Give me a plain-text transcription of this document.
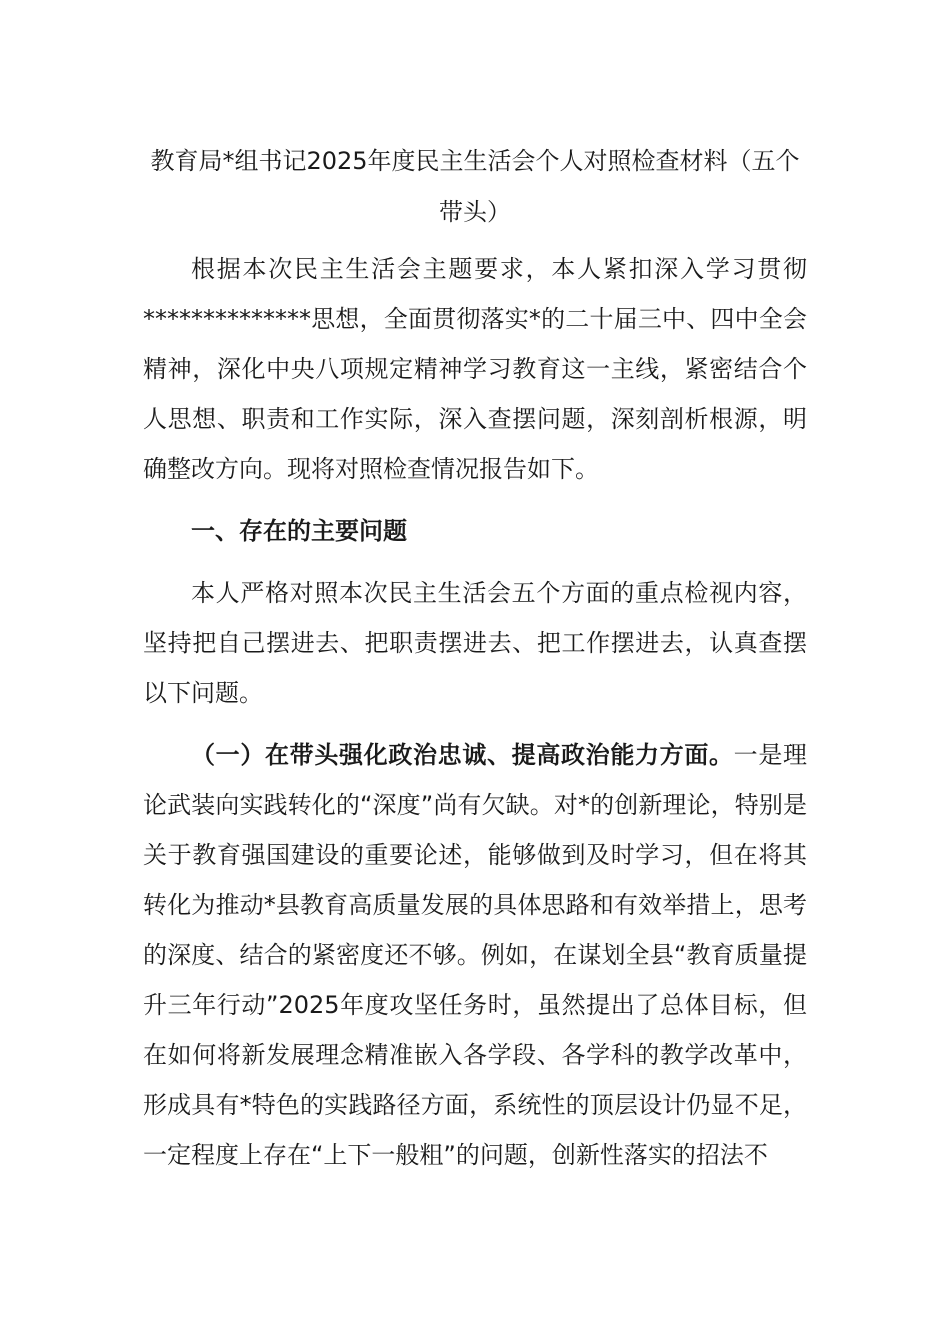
教育局*组书记2025年度民主生活会个人对照检查材料（五个带头）

根据本次民主生活会主题要求，本人紧扣深入学习贯彻**************思想，全面贯彻落实*的二十届三中、四中全会精神，深化中央八项规定精神学习教育这一主线，紧密结合个人思想、职责和工作实际，深入查摆问题，深刻剖析根源，明确整改方向。现将对照检查情况报告如下。

一、存在的主要问题

本人严格对照本次民主生活会五个方面的重点检视内容，坚持把自己摆进去、把职责摆进去、把工作摆进去，认真查摆以下问题。

（一）在带头强化政治忠诚、提高政治能力方面。一是理论武装向实践转化的“深度”尚有欠缺。对*的创新理论，特别是关于教育强国建设的重要论述，能够做到及时学习，但在将其转化为推动*县教育高质量发展的具体思路和有效举措上，思考的深度、结合的紧密度还不够。例如，在谋划全县“教育质量提升三年行动”2025年度攻坚任务时，虽然提出了总体目标，但在如何将新发展理念精准嵌入各学段、各学科的教学改革中，形成具有*特色的实践路径方面，系统性的顶层设计仍显不足，一定程度上存在“上下一般粗”的问题，创新性落实的招法不
